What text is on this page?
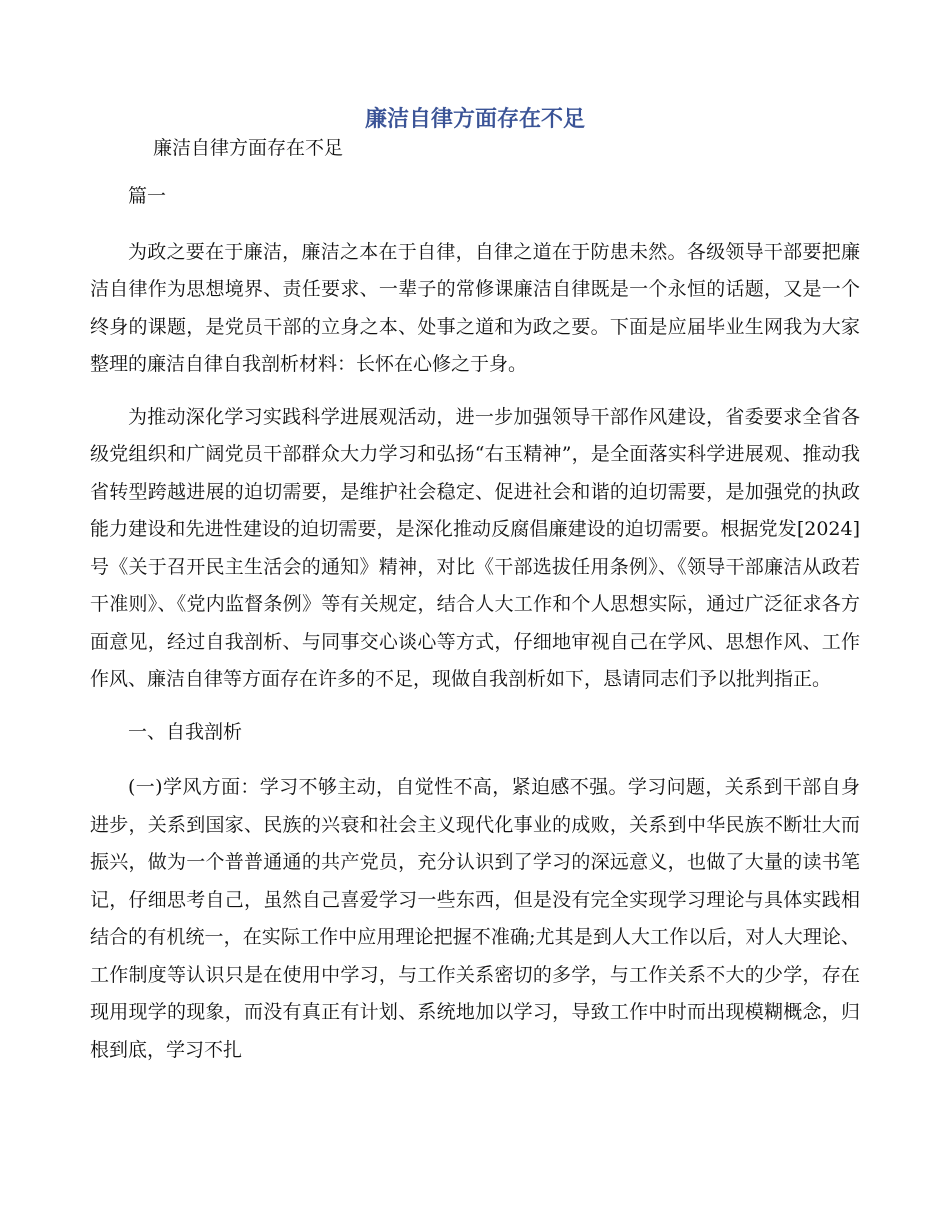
廉洁自律方面存在不足

廉洁自律方面存在不足

篇一

为政之要在于廉洁，廉洁之本在于自律，自律之道在于防患未然。各级领导干部要把廉洁自律作为思想境界、责任要求、一辈子的常修课廉洁自律既是一个永恒的话题，又是一个终身的课题，是党员干部的立身之本、处事之道和为政之要。下面是应届毕业生网我为大家整理的廉洁自律自我剖析材料：长怀在心修之于身。

为推动深化学习实践科学进展观活动，进一步加强领导干部作风建设，省委要求全省各级党组织和广阔党员干部群众大力学习和弘扬“右玉精神”，是全面落实科学进展观、推动我省转型跨越进展的迫切需要，是维护社会稳定、促进社会和谐的迫切需要，是加强党的执政能力建设和先进性建设的迫切需要，是深化推动反腐倡廉建设的迫切需要。根据党发[2024]号《关于召开民主生活会的通知》精神，对比《干部选拔任用条例》、《领导干部廉洁从政若干准则》、《党内监督条例》等有关规定，结合人大工作和个人思想实际，通过广泛征求各方面意见，经过自我剖析、与同事交心谈心等方式，仔细地审视自己在学风、思想作风、工作作风、廉洁自律等方面存在许多的不足，现做自我剖析如下，恳请同志们予以批判指正。

一、自我剖析

(一)学风方面：学习不够主动，自觉性不高，紧迫感不强。学习问题，关系到干部自身进步，关系到国家、民族的兴衰和社会主义现代化事业的成败，关系到中华民族不断壮大而振兴，做为一个普普通通的共产党员，充分认识到了学习的深远意义，也做了大量的读书笔记，仔细思考自己，虽然自己喜爱学习一些东西，但是没有完全实现学习理论与具体实践相结合的有机统一，在实际工作中应用理论把握不准确;尤其是到人大工作以后，对人大理论、工作制度等认识只是在使用中学习，与工作关系密切的多学，与工作关系不大的少学，存在现用现学的现象，而没有真正有计划、系统地加以学习，导致工作中时而出现模糊概念，归根到底，学习不扎
